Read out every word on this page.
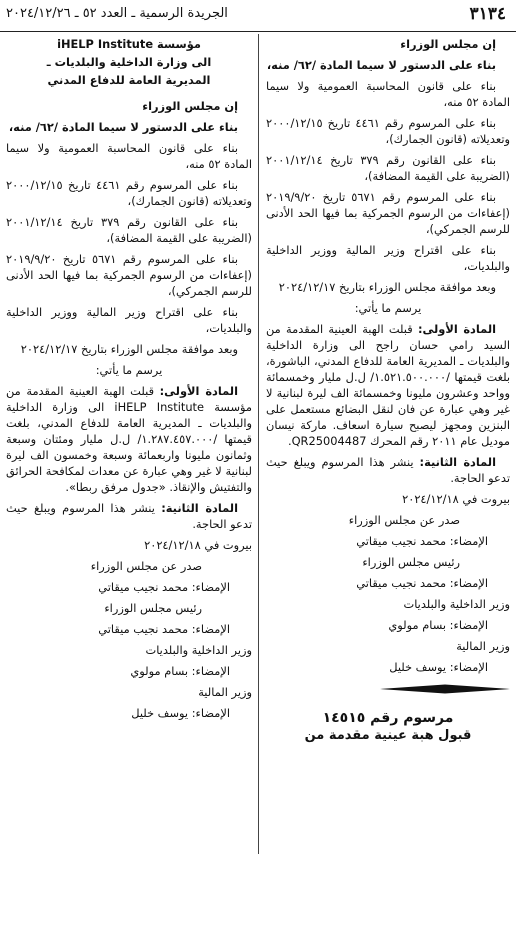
٣١٣٤
الجريدة الرسمية ـ العدد ٥٢ ـ ٢٠٢٤/١٢/٢٦

إن مجلس الوزراء

بناء على الدستور لا سيما المادة /٦٢/ منه،

بناء على قانون المحاسبة العمومية ولا سيما المادة ٥٢ منه،

بناء على المرسوم رقم ٤٤٦١ تاريخ ٢٠٠٠/١٢/١٥ وتعديلاته (قانون الجمارك)،

بناء على القانون رقم ٣٧٩ تاريخ ٢٠٠١/١٢/١٤ (الضريبة على القيمة المضافة)،

بناء على المرسوم رقم ٥٦٧١ تاريخ ٢٠١٩/٩/٢٠ (إعفاءات من الرسوم الجمركية بما فيها الحد الأدنى للرسم الجمركي)،

بناء على اقتراح وزير المالية ووزير الداخلية والبلديات،

وبعد موافقة مجلس الوزراء بتاريخ ٢٠٢٤/١٢/١٧

يرسم ما يأتي:

المادة الأولى: قبلت الهبة العينية المقدمة من السيد رامي حسان راجح الى وزارة الداخلية والبلديات ـ المديرية العامة للدفاع المدني، الباشورة، بلغت قيمتها /١.٥٢١.٥٠٠.٠٠٠/ ل.ل مليار وخمسمائة وواحد وعشرون مليونا وخمسمائة الف ليرة لبنانية لا غير وهي عبارة عن فان لنقل البضائع مستعمل على البنزين ومجهز ليصبح سيارة اسعاف. ماركة نيسان موديل عام ٢٠١١ رقم المحرك QR25004487.

المادة الثانية: ينشر هذا المرسوم ويبلغ حيث تدعو الحاجة.

بيروت في ٢٠٢٤/١٢/١٨

صدر عن مجلس الوزراء

الإمضاء: محمد نجيب ميقاتي

رئيس مجلس الوزراء

الإمضاء: محمد نجيب ميقاتي

وزير الداخلية والبلديات

الإمضاء: بسام مولوي

وزير المالية

الإمضاء: يوسف خليل

مرسوم رقم ١٤٥١٥
قبول هبة عينية مقدمة من

مؤسسة iHELP Institute

الى وزارة الداخلية والبلديات ـ

المديرية العامة للدفاع المدني

إن مجلس الوزراء

بناء على الدستور لا سيما المادة /٦٢/ منه،

بناء على قانون المحاسبة العمومية ولا سيما المادة ٥٢ منه،

بناء على المرسوم رقم ٤٤٦١ تاريخ ٢٠٠٠/١٢/١٥ وتعديلاته (قانون الجمارك)،

بناء على القانون رقم ٣٧٩ تاريخ ٢٠٠١/١٢/١٤ (الضريبة على القيمة المضافة)،

بناء على المرسوم رقم ٥٦٧١ تاريخ ٢٠١٩/٩/٢٠ (إعفاءات من الرسوم الجمركية بما فيها الحد الأدنى للرسم الجمركي)،

بناء على اقتراح وزير المالية ووزير الداخلية والبلديات،

وبعد موافقة مجلس الوزراء بتاريخ ٢٠٢٤/١٢/١٧

يرسم ما يأتي:

المادة الأولى: قبلت الهبة العينية المقدمة من مؤسسة iHELP Institute الى وزارة الداخلية والبلديات ـ المديرية العامة للدفاع المدني، بلغت قيمتها /١.٢٨٧.٤٥٧.٠٠٠/ ل.ل مليار ومئتان وسبعة وثمانون مليونا واربعمائة وسبعة وخمسون الف ليرة لبنانية لا غير وهي عبارة عن معدات لمكافحة الحرائق والتفتيش والإنقاذ. «جدول مرفق ربطا».

المادة الثانية: ينشر هذا المرسوم ويبلغ حيث تدعو الحاجة.

بيروت في ٢٠٢٤/١٢/١٨

صدر عن مجلس الوزراء

الإمضاء: محمد نجيب ميقاتي

رئيس مجلس الوزراء

الإمضاء: محمد نجيب ميقاتي

وزير الداخلية والبلديات

الإمضاء: بسام مولوي

وزير المالية

الإمضاء: يوسف خليل
